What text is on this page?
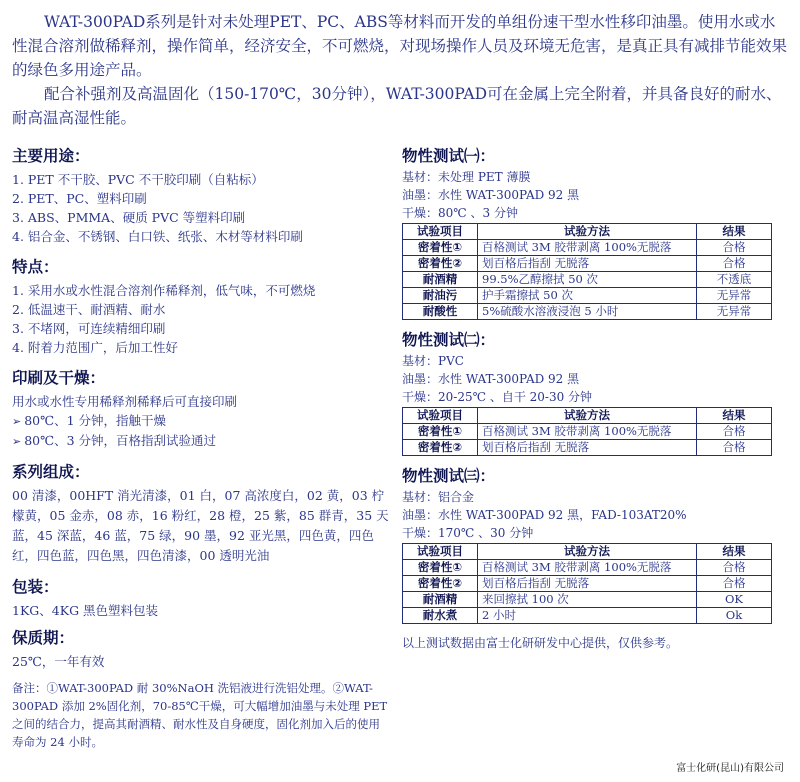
WAT-300PAD系列是针对未处理PET、PC、ABS等材料而开发的单组份速干型水性移印油墨。使用水或水性混合溶剂做稀释剂，操作简单，经济安全，不可燃烧，对现场操作人员及环境无危害，是真正具有减排节能效果的绿色多用途产品。

配合补强剂及高温固化（150-170℃，30分钟），WAT-300PAD可在金属上完全附着，并具备良好的耐水、耐高温高湿性能。

主要用途：
1. PET 不干胶、PVC 不干胶印刷（自粘标）
2. PET、PC、塑料印刷
3. ABS、PMMA、硬质 PVC 等塑料印刷
4. 铝合金、不锈钢、白口铁、纸张、木材等材料印刷
特点：
1. 采用水或水性混合溶剂作稀释剂，低气味，不可燃烧
2. 低温速干、耐酒精、耐水
3. 不堵网，可连续精细印刷
4. 附着力范围广，后加工性好
印刷及干燥：
用水或水性专用稀释剂稀释后可直接印刷
➢ 80℃、1 分钟，指触干燥
➢ 80℃、3 分钟，百格指刮试验通过
系列组成：
00 清漆，00HFT 消光清漆，01 白，07 高浓度白，02 黄，03 柠檬黄，05 金赤，08 赤，16 粉红，28 橙，25 紫，85 群青，35 天蓝，45 深蓝，46 蓝，75 绿，90 墨，92 亚光黑，四色黄，四色红，四色蓝，四色黑，四色清漆，00 透明光油
包装：
1KG、4KG 黑色塑料包装
保质期：
25℃，一年有效
备注：①WAT-300PAD 耐 30%NaOH 洗铝液进行洗铝处理。②WAT-300PAD 添加 2%固化剂，70-85℃干燥，可大幅增加油墨与未处理 PET 之间的结合力，提高其耐酒精、耐水性及自身硬度，固化剂加入后的使用寿命为 24 小时。
物性测试㈠：
基材：未处理 PET 薄膜
油墨：水性 WAT-300PAD 92 黑
干燥：80℃ 、3 分钟
试验项目	试验方法	结果
密着性①	百格测试 3M 胶带剥离 100%无脱落	合格
密着性②	划百格后指刮 无脱落	合格
耐酒精	99.5%乙醇擦拭 50 次	不透底
耐油污	护手霜擦拭 50 次	无异常
耐酸性	5%硫酸水溶液浸泡 5 小时	无异常
物性测试㈡：
基材：PVC
油墨：水性 WAT-300PAD 92 黑
干燥：20-25℃ 、自干 20-30 分钟
试验项目	试验方法	结果
密着性①	百格测试 3M 胶带剥离 100%无脱落	合格
密着性②	划百格后指刮 无脱落	合格
物性测试㈢：
基材：铝合金
油墨：水性 WAT-300PAD 92 黑，FAD-103AT20%
干燥：170℃ 、30 分钟
试验项目	试验方法	结果
密着性①	百格测试 3M 胶带剥离 100%无脱落	合格
密着性②	划百格后指刮 无脱落	合格
耐酒精	来回擦拭 100 次	OK
耐水煮	2 小时	Ok
以上测试数据由富士化研研发中心提供，仅供参考。
富士化研(昆山)有限公司
